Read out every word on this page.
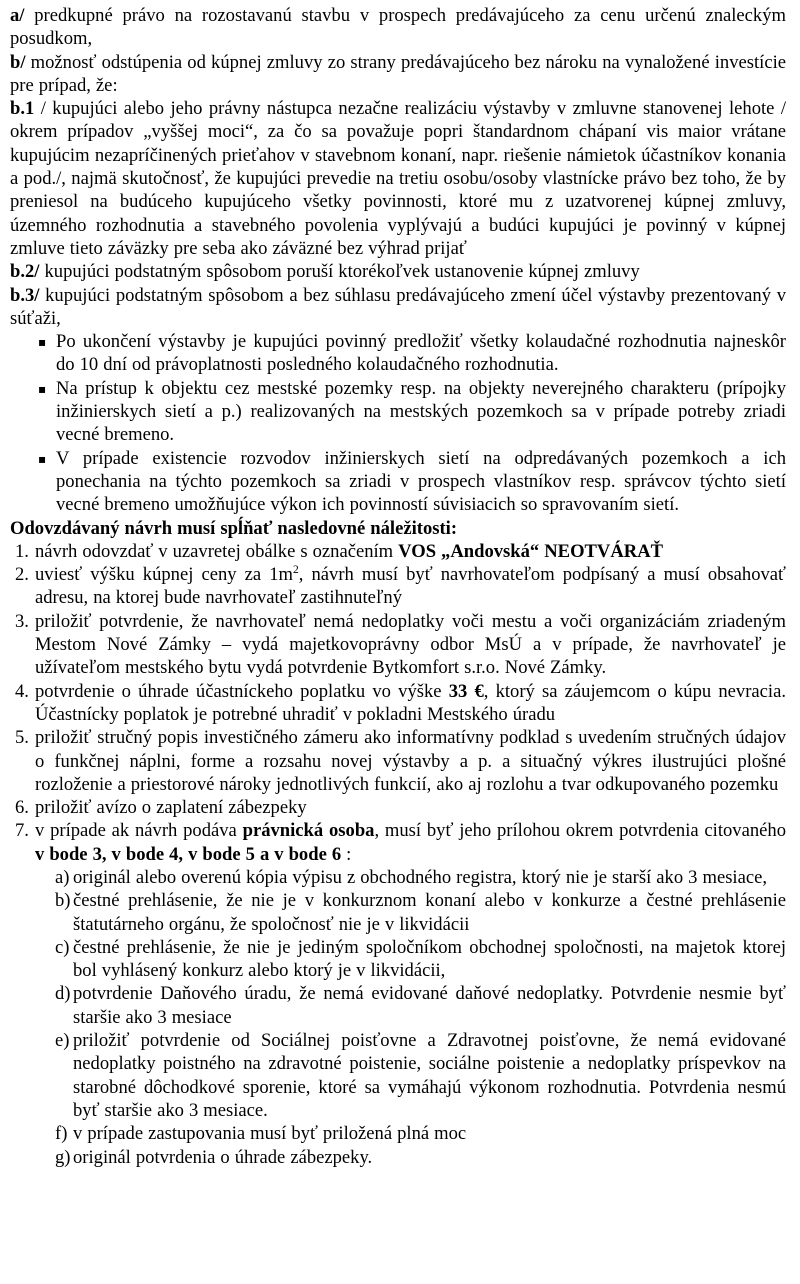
a/ predkupné právo na rozostavanú stavbu v prospech predávajúceho za cenu určenú znaleckým posudkom,
b/ možnosť odstúpenia od kúpnej zmluvy zo strany predávajúceho bez nároku na vynaložené investície pre prípad, že:
b.1 / kupujúci alebo jeho právny nástupca nezačne realizáciu výstavby v zmluvne stanovenej lehote / okrem prípadov „vyššej moci“, za čo sa považuje popri štandardnom chápaní vis maior vrátane kupujúcim nezapríčinených prieťahov v stavebnom konaní, napr. riešenie námietok účastníkov konania a pod./, najmä skutočnosť, že kupujúci prevedie na tretiu osobu/osoby vlastnícke právo bez toho, že by preniesol na budúceho kupujúceho všetky povinnosti, ktoré mu z uzatvorenej kúpnej zmluvy, územného rozhodnutia a stavebného povolenia vyplývajú a budúci kupujúci je povinný v kúpnej zmluve tieto záväzky pre seba ako záväzné bez výhrad prijať
b.2/ kupujúci podstatným spôsobom poruší ktorékoľvek ustanovenie kúpnej zmluvy
b.3/ kupujúci podstatným spôsobom a bez súhlasu predávajúceho zmení účel výstavby prezentovaný v súťaži,
▪ Po ukončení výstavby je kupujúci povinný predložiť všetky kolaudačné rozhodnutia najneskôr do 10 dní od právoplatnosti posledného kolaudačného rozhodnutia.
▪ Na prístup k objektu cez mestské pozemky resp. na objekty neverejného charakteru (prípojky inžinierskych sietí a p.) realizovaných na mestských pozemkoch sa v prípade potreby zriadi vecné bremeno.
▪ V prípade existencie rozvodov inžinierskych sietí na odpredávaných pozemkoch a ich ponechania na týchto pozemkoch sa zriadi v prospech vlastníkov resp. správcov týchto sietí vecné bremeno umožňujúce výkon ich povinností súvisiacich so spravovaním sietí.
Odovzdávaný návrh musí spĺňať nasledovné náležitosti:
1. návrh odovzdať v uzavretej obálke s označením VOS „Andovská“ NEOTVÁRAŤ
2. uviesť výšku kúpnej ceny za $1m^2$, návrh musí byť navrhovateľom podpísaný a musí obsahovať adresu, na ktorej bude navrhovateľ zastihnuteľný
3. priložiť potvrdenie, že navrhovateľ nemá nedoplatky voči mestu a voči organizáciám zriadeným Mestom Nové Zámky – vydá majetkovoprávny odbor MsÚ a v prípade, že navrhovateľ je užívateľom mestského bytu vydá potvrdenie Bytkomfort s.r.o. Nové Zámky.
4. potvrdenie o úhrade účastníckeho poplatku vo výške 33 €, ktorý sa záujemcom o kúpu nevracia. Účastnícky poplatok je potrebné uhradiť v pokladni Mestského úradu
5. priložiť stručný popis investičného zámeru ako informatívny podklad s uvedením stručných údajov o funkčnej náplni, forme a rozsahu novej výstavby a p. a situačný výkres ilustrujúci plošné rozloženie a priestorové nároky jednotlivých funkcií, ako aj rozlohu a tvar odkupovaného pozemku
6. priložiť avízo o zaplatení zábezpeky
7. v prípade ak návrh podáva právnická osoba, musí byť jeho prílohou okrem potvrdenia citovaného v bode 3, v bode 4, v bode 5 a v bode 6 :
a) originál alebo overenú kópia výpisu z obchodného registra, ktorý nie je starší ako 3 mesiace,
b) čestné prehlásenie, že nie je v konkurznom konaní alebo v konkurze a čestné prehlásenie štatutárneho orgánu, že spoločnosť nie je v likvidácii
c) čestné prehlásenie, že nie je jediným spoločníkom obchodnej spoločnosti, na majetok ktorej bol vyhlásený konkurz alebo ktorý je v likvidácii,
d) potvrdenie Daňového úradu, že nemá evidované daňové nedoplatky. Potvrdenie nesmie byť staršie ako 3 mesiace
e) priložiť potvrdenie od Sociálnej poisťovne a Zdravotnej poisťovne, že nemá evidované nedoplatky poistného na zdravotné poistenie, sociálne poistenie a nedoplatky príspevkov na starobné dôchodkové sporenie, ktoré sa vymáhajú výkonom rozhodnutia. Potvrdenia nesmú byť staršie ako 3 mesiace.
f) v prípade zastupovania musí byť priložená plná moc
g) originál potvrdenia o úhrade zábezpeky.
